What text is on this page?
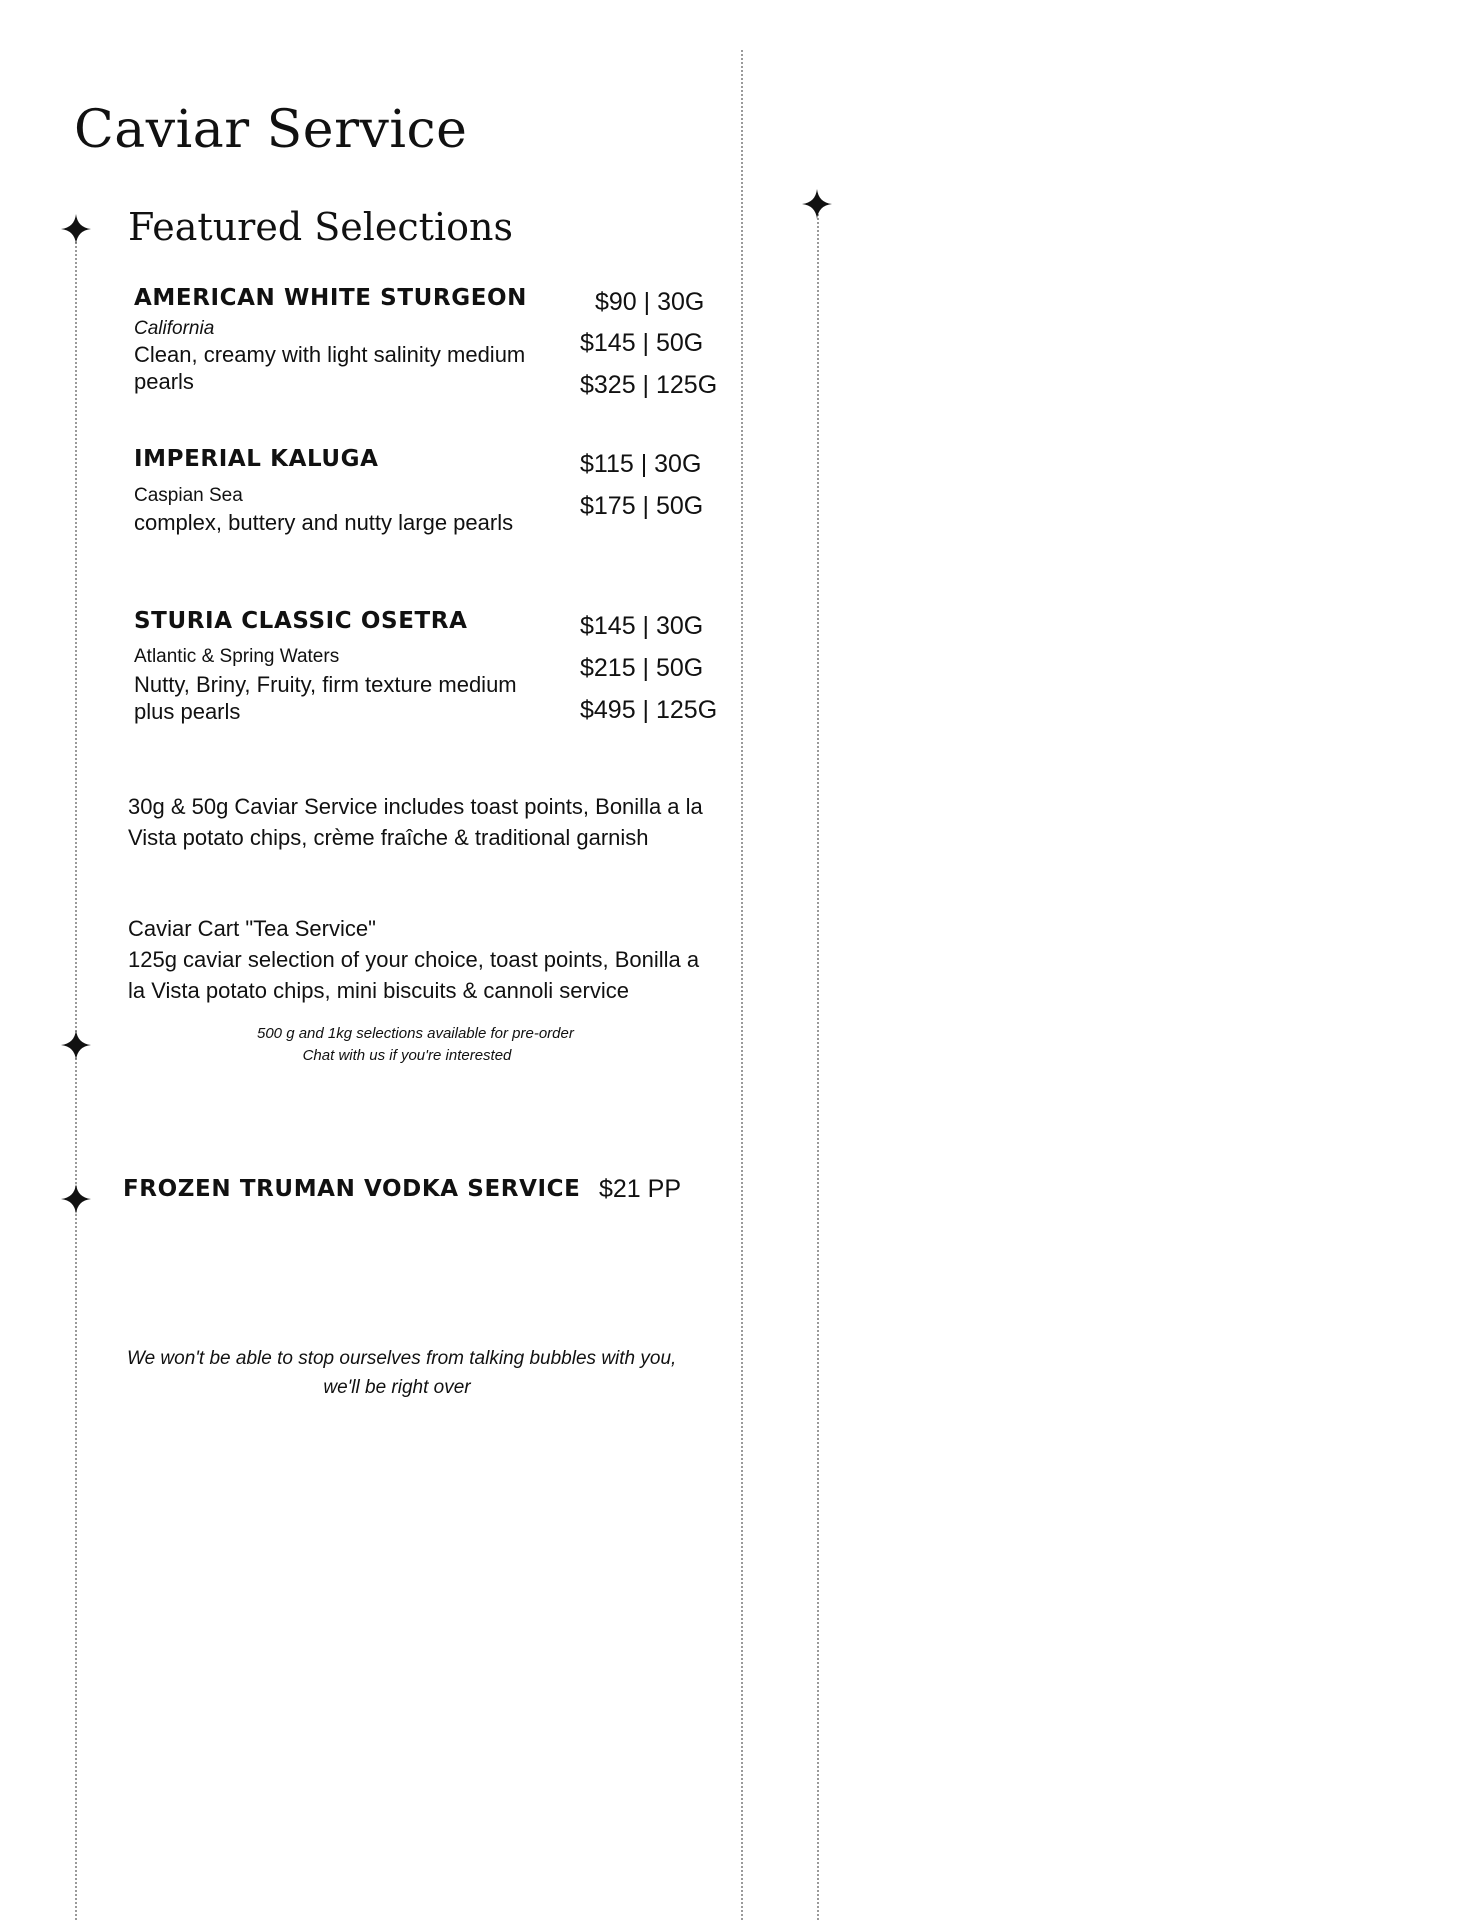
Caviar Service
Featured Selections
AMERICAN WHITE STURGEON
California
Clean, creamy with light salinity medium pearls
$90 | 30G
$145 | 50G
$325 | 125G
IMPERIAL KALUGA
Caspian Sea
complex, buttery and nutty large pearls
$115 | 30G
$175 | 50G
STURIA CLASSIC OSETRA
Atlantic & Spring Waters
Nutty, Briny, Fruity, firm texture medium plus pearls
$145 | 30G
$215 | 50G
$495 | 125G
30g & 50g Caviar Service includes toast points, Bonilla a la Vista potato chips, crème fraîche & traditional garnish
Caviar Cart "Tea Service"
125g caviar selection of your choice, toast points, Bonilla a la Vista potato chips, mini biscuits & cannoli service
500 g and 1kg selections available for pre-order
Chat with us if you're interested
FROZEN TRUMAN VODKA SERVICE $21 PP
We won't be able to stop ourselves from talking bubbles with you,
we'll be right over
